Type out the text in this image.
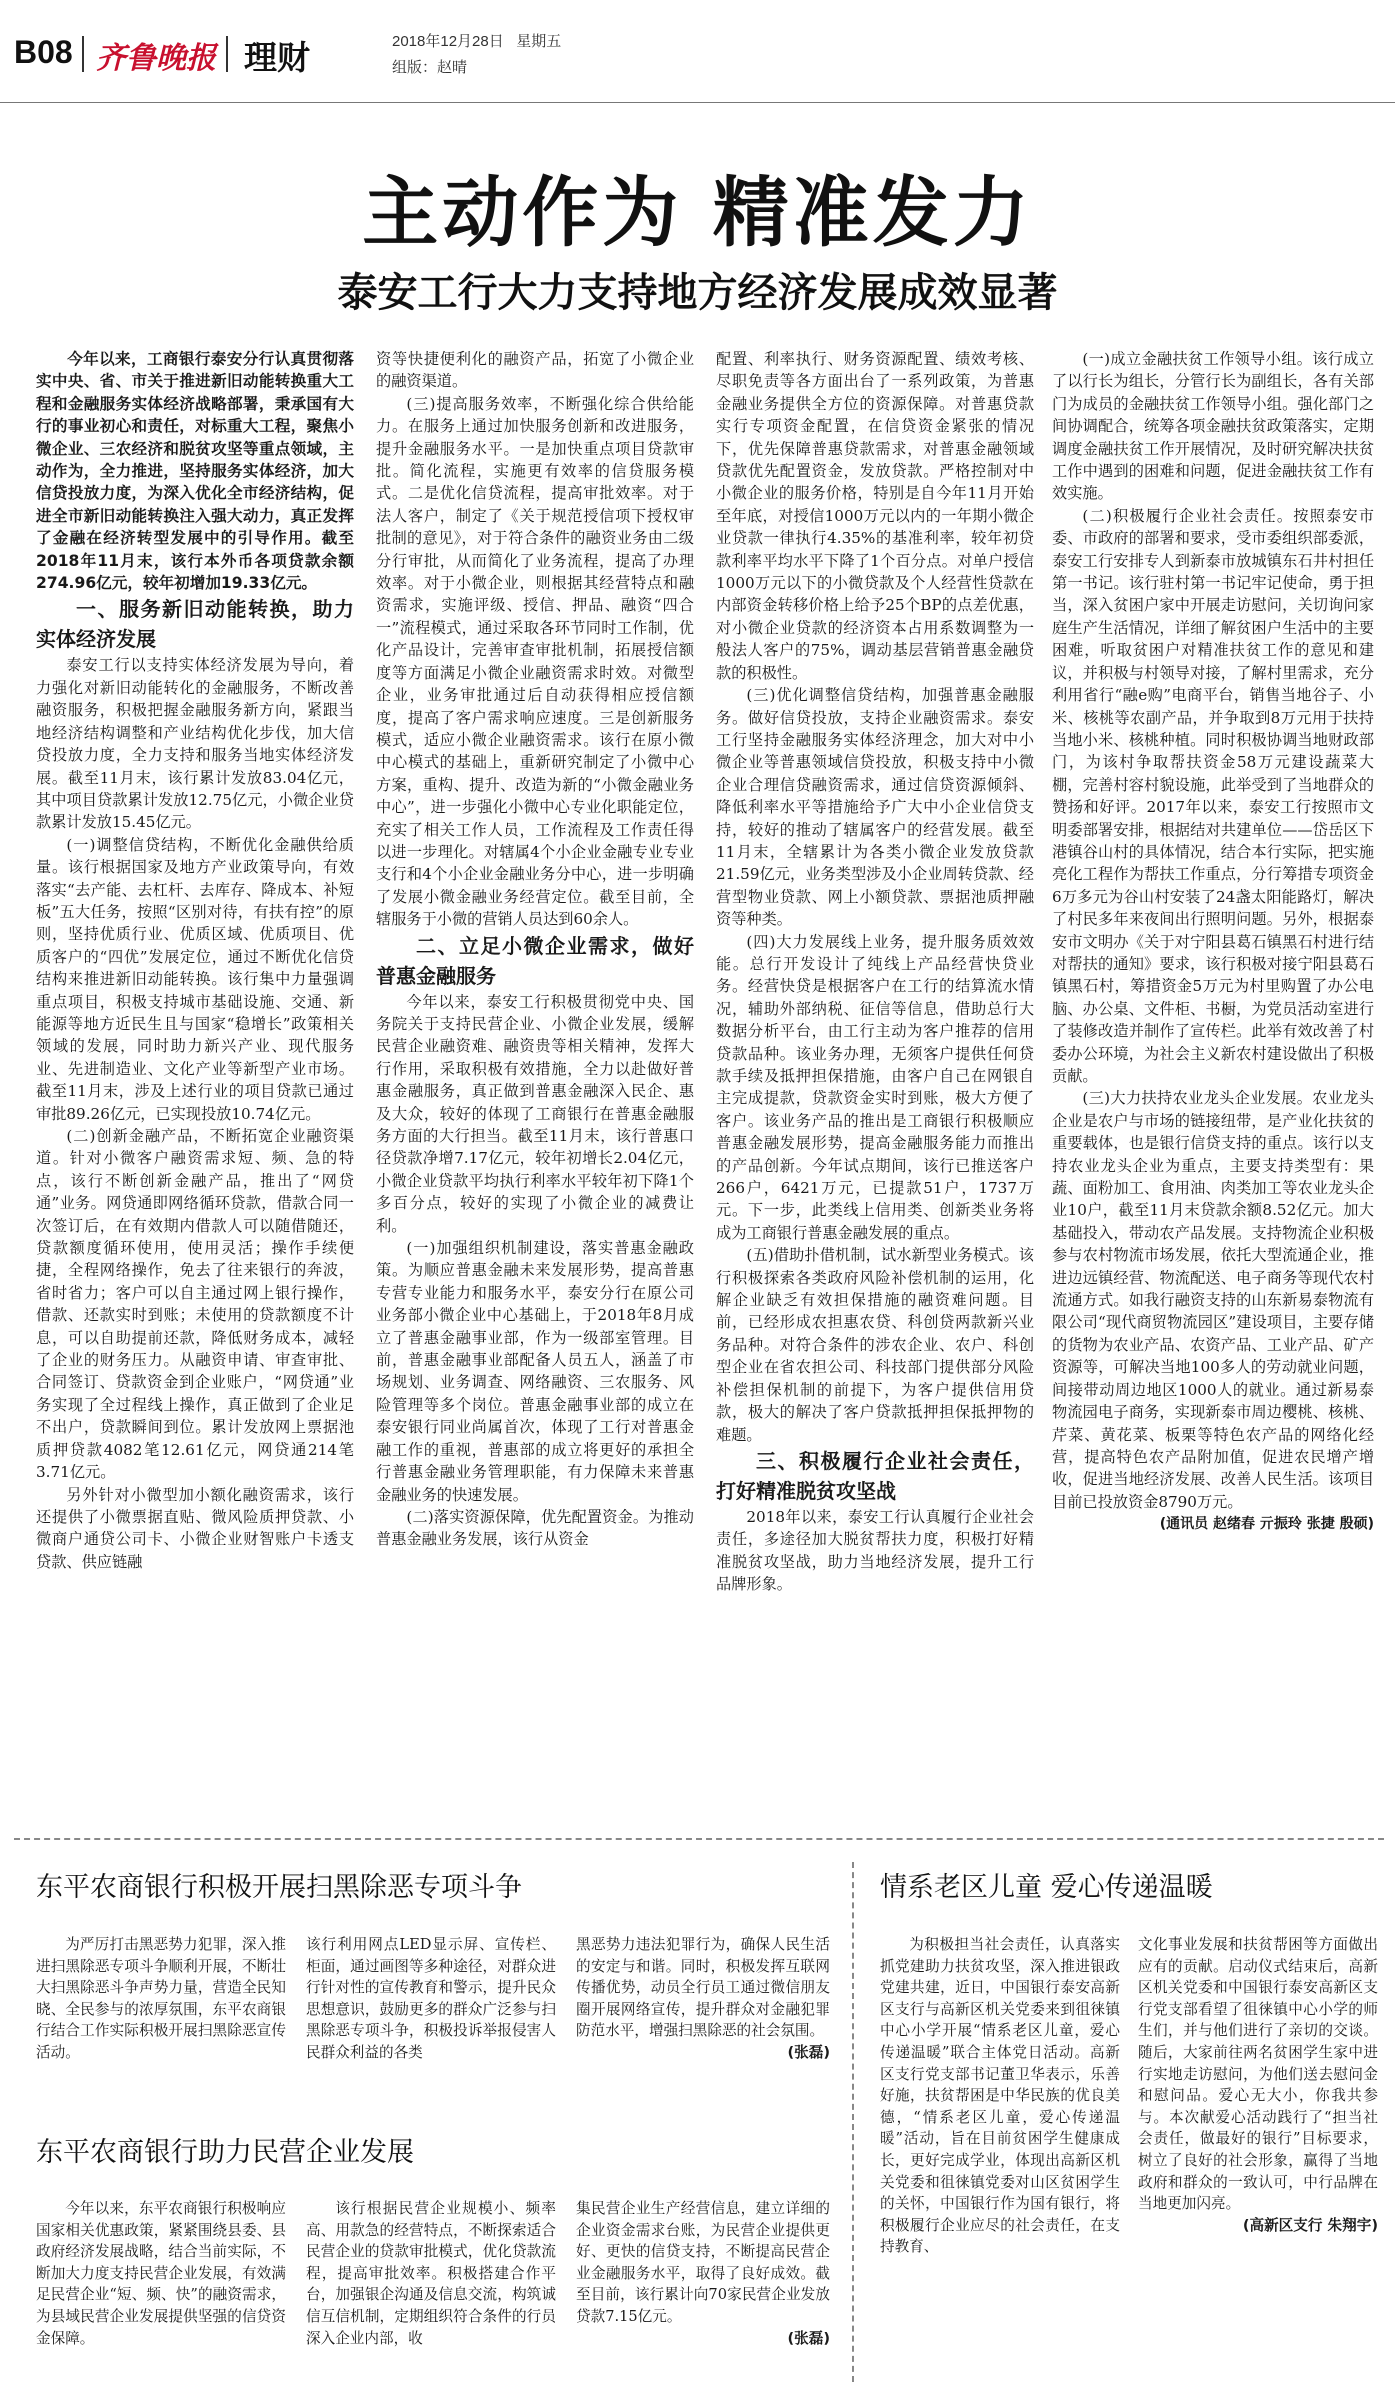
B08 齐鲁晚报 理财	2018年12月28日 星期五
组版：赵晴
主动作为 精准发力
泰安工行大力支持地方经济发展成效显著

今年以来，工商银行泰安分行认真贯彻落实中央、省、市关于推进新旧动能转换重大工程和金融服务实体经济战略部署，秉承国有大行的事业初心和责任，对标重大工程，聚焦小微企业、三农经济和脱贫攻坚等重点领域，主动作为，全力推进，坚持服务实体经济，加大信贷投放力度，为深入优化全市经济结构，促进全市新旧动能转换注入强大动力，真正发挥了金融在经济转型发展中的引导作用。截至2018年11月末，该行本外币各项贷款余额274.96亿元，较年初增加19.33亿元。

一、服务新旧动能转换，助力实体经济发展

泰安工行以支持实体经济发展为导向，着力强化对新旧动能转化的金融服务，不断改善融资服务，积极把握金融服务新方向，紧跟当地经济结构调整和产业结构优化步伐，加大信贷投放力度，全力支持和服务当地实体经济发展。截至11月末，该行累计发放83.04亿元，其中项目贷款累计发放12.75亿元，小微企业贷款累计发放15.45亿元。

(一)调整信贷结构，不断优化金融供给质量。该行根据国家及地方产业政策导向，有效落实“去产能、去杠杆、去库存、降成本、补短板”五大任务，按照“区别对待，有扶有控”的原则，坚持优质行业、优质区域、优质项目、优质客户的“四优”发展定位，通过不断优化信贷结构来推进新旧动能转换。该行集中力量强调重点项目，积极支持城市基础设施、交通、新能源等地方近民生且与国家“稳增长”政策相关领域的发展，同时助力新兴产业、现代服务业、先进制造业、文化产业等新型产业市场。截至11月末，涉及上述行业的项目贷款已通过审批89.26亿元，已实现投放10.74亿元。

(二)创新金融产品，不断拓宽企业融资渠道。针对小微客户融资需求短、频、急的特点，该行不断创新金融产品，推出了“网贷通”业务。网贷通即网络循环贷款，借款合同一次签订后，在有效期内借款人可以随借随还，贷款额度循环使用，使用灵活；操作手续便捷，全程网络操作，免去了往来银行的奔波，省时省力；客户可以自主通过网上银行操作，借款、还款实时到账；未使用的贷款额度不计息，可以自助提前还款，降低财务成本，减轻了企业的财务压力。从融资申请、审查审批、合同签订、贷款资金到企业账户，“网贷通”业务实现了全过程线上操作，真正做到了企业足不出户，贷款瞬间到位。累计发放网上票据池质押贷款4082笔12.61亿元，网贷通214笔3.71亿元。

另外针对小微型加小额化融资需求，该行还提供了小微票据直贴、微风险质押贷款、小微商户通贷公司卡、小微企业财智账户卡透支贷款、供应链融

资等快捷便利化的融资产品，拓宽了小微企业的融资渠道。

(三)提高服务效率，不断强化综合供给能力。在服务上通过加快服务创新和改进服务，提升金融服务水平。一是加快重点项目贷款审批。简化流程，实施更有效率的信贷服务模式。二是优化信贷流程，提高审批效率。对于法人客户，制定了《关于规范授信项下授权审批制的意见》，对于符合条件的融资业务由二级分行审批，从而简化了业务流程，提高了办理效率。对于小微企业，则根据其经营特点和融资需求，实施评级、授信、押品、融资“四合一”流程模式，通过采取各环节同时工作制，优化产品设计，完善审查审批机制，拓展授信额度等方面满足小微企业融资需求时效。对微型企业，业务审批通过后自动获得相应授信额度，提高了客户需求响应速度。三是创新服务模式，适应小微企业融资需求。该行在原小微中心模式的基础上，重新研究制定了小微中心方案，重构、提升、改造为新的“小微金融业务中心”，进一步强化小微中心专业化职能定位，充实了相关工作人员，工作流程及工作责任得以进一步理化。对辖属4个小企业金融专业专业支行和4个小企业金融业务分中心，进一步明确了发展小微金融业务经营定位。截至目前，全辖服务于小微的营销人员达到60余人。

二、立足小微企业需求，做好普惠金融服务

今年以来，泰安工行积极贯彻党中央、国务院关于支持民营企业、小微企业发展，缓解民营企业融资难、融资贵等相关精神，发挥大行作用，采取积极有效措施，全力以赴做好普惠金融服务，真正做到普惠金融深入民企、惠及大众，较好的体现了工商银行在普惠金融服务方面的大行担当。截至11月末，该行普惠口径贷款净增7.17亿元，较年初增长2.04亿元，小微企业贷款平均执行利率水平较年初下降1个多百分点，较好的实现了小微企业的减费让利。

(一)加强组织机制建设，落实普惠金融政策。为顺应普惠金融未来发展形势，提高普惠专营专业能力和服务水平，泰安分行在原公司业务部小微企业中心基础上，于2018年8月成立了普惠金融事业部，作为一级部室管理。目前，普惠金融事业部配备人员五人，涵盖了市场规划、业务调查、网络融资、三农服务、风险管理等多个岗位。普惠金融事业部的成立在泰安银行同业尚属首次，体现了工行对普惠金融工作的重视，普惠部的成立将更好的承担全行普惠金融业务管理职能，有力保障未来普惠金融业务的快速发展。

(二)落实资源保障，优先配置资金。为推动普惠金融业务发展，该行从资金

配置、利率执行、财务资源配置、绩效考核、尽职免责等各方面出台了一系列政策，为普惠金融业务提供全方位的资源保障。对普惠贷款实行专项资金配置，在信贷资金紧张的情况下，优先保障普惠贷款需求，对普惠金融领域贷款优先配置资金，发放贷款。严格控制对中小微企业的服务价格，特别是自今年11月开始至年底，对授信1000万元以内的一年期小微企业贷款一律执行4.35%的基准利率，较年初贷款利率平均水平下降了1个百分点。对单户授信1000万元以下的小微贷款及个人经营性贷款在内部资金转移价格上给予25个BP的点差优惠，对小微企业贷款的经济资本占用系数调整为一般法人客户的75%，调动基层营销普惠金融贷款的积极性。

(三)优化调整信贷结构，加强普惠金融服务。做好信贷投放，支持企业融资需求。泰安工行坚持金融服务实体经济理念，加大对中小微企业等普惠领域信贷投放，积极支持中小微企业合理信贷融资需求，通过信贷资源倾斜、降低利率水平等措施给予广大中小企业信贷支持，较好的推动了辖属客户的经营发展。截至11月末，全辖累计为各类小微企业发放贷款21.59亿元，业务类型涉及小企业周转贷款、经营型物业贷款、网上小额贷款、票据池质押融资等种类。

(四)大力发展线上业务，提升服务质效效能。总行开发设计了纯线上产品经营快贷业务。经营快贷是根据客户在工行的结算流水情况，辅助外部纳税、征信等信息，借助总行大数据分析平台，由工行主动为客户推荐的信用贷款品种。该业务办理，无须客户提供任何贷款手续及抵押担保措施，由客户自己在网银自主完成提款，贷款资金实时到账，极大方便了客户。该业务产品的推出是工商银行积极顺应普惠金融发展形势，提高金融服务能力而推出的产品创新。今年试点期间，该行已推送客户266户，6421万元，已提款51户，1737万元。下一步，此类线上信用类、创新类业务将成为工商银行普惠金融发展的重点。

(五)借助扑借机制，试水新型业务模式。该行积极探索各类政府风险补偿机制的运用，化解企业缺乏有效担保措施的融资难问题。目前，已经形成农担惠农贷、科创贷两款新兴业务品种。对符合条件的涉农企业、农户、科创型企业在省农担公司、科技部门提供部分风险补偿担保机制的前提下，为客户提供信用贷款，极大的解决了客户贷款抵押担保抵押物的难题。

三、积极履行企业社会责任，打好精准脱贫攻坚战

2018年以来，泰安工行认真履行企业社会责任，多途径加大脱贫帮扶力度，积极打好精准脱贫攻坚战，助力当地经济发展，提升工行品牌形象。

(一)成立金融扶贫工作领导小组。该行成立了以行长为组长，分管行长为副组长，各有关部门为成员的金融扶贫工作领导小组。强化部门之间协调配合，统筹各项金融扶贫政策落实，定期调度金融扶贫工作开展情况，及时研究解决扶贫工作中遇到的困难和问题，促进金融扶贫工作有效实施。

(二)积极履行企业社会责任。按照泰安市委、市政府的部署和要求，受市委组织部委派，泰安工行安排专人到新泰市放城镇东石井村担任第一书记。该行驻村第一书记牢记使命，勇于担当，深入贫困户家中开展走访慰问，关切询问家庭生产生活情况，详细了解贫困户生活中的主要困难，听取贫困户对精准扶贫工作的意见和建议，并积极与村领导对接，了解村里需求，充分利用省行“融e购”电商平台，销售当地谷子、小米、核桃等农副产品，并争取到8万元用于扶持当地小米、核桃种植。同时积极协调当地财政部门，为该村争取帮扶资金58万元建设蔬菜大棚，完善村容村貌设施，此举受到了当地群众的赞扬和好评。2017年以来，泰安工行按照市文明委部署安排，根据结对共建单位——岱岳区下港镇谷山村的具体情况，结合本行实际，把实施亮化工程作为帮扶工作重点，分行筹措专项资金6万多元为谷山村安装了24盏太阳能路灯，解决了村民多年来夜间出行照明问题。另外，根据泰安市文明办《关于对宁阳县葛石镇黑石村进行结对帮扶的通知》要求，该行积极对接宁阳县葛石镇黑石村，筹措资金5万元为村里购置了办公电脑、办公桌、文件柜、书橱，为党员活动室进行了装修改造并制作了宣传栏。此举有效改善了村委办公环境，为社会主义新农村建设做出了积极贡献。

(三)大力扶持农业龙头企业发展。农业龙头企业是农户与市场的链接纽带，是产业化扶贫的重要载体，也是银行信贷支持的重点。该行以支持农业龙头企业为重点，主要支持类型有：果蔬、面粉加工、食用油、肉类加工等农业龙头企业10户，截至11月末贷款余额8.52亿元。加大基础投入，带动农产品发展。支持物流企业积极参与农村物流市场发展，依托大型流通企业，推进边远镇经营、物流配送、电子商务等现代农村流通方式。如我行融资支持的山东新易泰物流有限公司“现代商贸物流园区”建设项目，主要存储的货物为农业产品、农资产品、工业产品、矿产资源等，可解决当地100多人的劳动就业问题，间接带动周边地区1000人的就业。通过新易泰物流园电子商务，实现新泰市周边樱桃、核桃、芹菜、黄花菜、板栗等特色农产品的网络化经营，提高特色农产品附加值，促进农民增产增收，促进当地经济发展、改善人民生活。该项目目前已投放资金8790万元。

(通讯员 赵绪春 亓振玲 张捷 殷硕)

东平农商银行积极开展扫黑除恶专项斗争

为严厉打击黑恶势力犯罪，深入推进扫黑除恶专项斗争顺利开展，不断壮大扫黑除恶斗争声势力量，营造全民知晓、全民参与的浓厚氛围，东平农商银行结合工作实际积极开展扫黑除恶宣传活动。

该行利用网点LED显示屏、宣传栏、柜面，通过画图等多种途径，对群众进行针对性的宣传教育和警示，提升民众思想意识，鼓励更多的群众广泛参与扫黑除恶专项斗争，积极投诉举报侵害人民群众利益的各类

黑恶势力违法犯罪行为，确保人民生活的安定与和谐。同时，积极发挥互联网传播优势，动员全行员工通过微信朋友圈开展网络宣传，提升群众对金融犯罪防范水平，增强扫黑除恶的社会氛围。

(张磊)

东平农商银行助力民营企业发展

今年以来，东平农商银行积极响应国家相关优惠政策，紧紧围绕县委、县政府经济发展战略，结合当前实际，不断加大力度支持民营企业发展，有效满足民营企业“短、频、快”的融资需求，为县域民营企业发展提供坚强的信贷资金保障。

该行根据民营企业规模小、频率高、用款急的经营特点，不断探索适合民营企业的贷款审批模式，优化贷款流程，提高审批效率。积极搭建合作平台，加强银企沟通及信息交流，构筑诚信互信机制，定期组织符合条件的行员深入企业内部，收

集民营企业生产经营信息，建立详细的企业资金需求台账，为民营企业提供更好、更快的信贷支持，不断提高民营企业金融服务水平，取得了良好成效。截至目前，该行累计向70家民营企业发放贷款7.15亿元。

(张磊)

情系老区儿童 爱心传递温暖

为积极担当社会责任，认真落实抓党建助力扶贫攻坚，深入推进银政党建共建，近日，中国银行泰安高新区支行与高新区机关党委来到徂徕镇中心小学开展“情系老区儿童，爱心传递温暖”联合主体党日活动。高新区支行党支部书记董卫华表示，乐善好施，扶贫帮困是中华民族的优良美德，“情系老区儿童，爱心传递温暖”活动，旨在目前贫困学生健康成长，更好完成学业，体现出高新区机关党委和徂徕镇党委对山区贫困学生的关怀，中国银行作为国有银行，将积极履行企业应尽的社会责任，在支持教育、

文化事业发展和扶贫帮困等方面做出应有的贡献。启动仪式结束后，高新区机关党委和中国银行泰安高新区支行党支部看望了徂徕镇中心小学的师生们，并与他们进行了亲切的交谈。随后，大家前往两名贫困学生家中进行实地走访慰问，为他们送去慰问金和慰问品。爱心无大小，你我共参与。本次献爱心活动践行了“担当社会责任，做最好的银行”目标要求，树立了良好的社会形象，赢得了当地政府和群众的一致认可，中行品牌在当地更加闪亮。

(高新区支行 朱翔宇)
